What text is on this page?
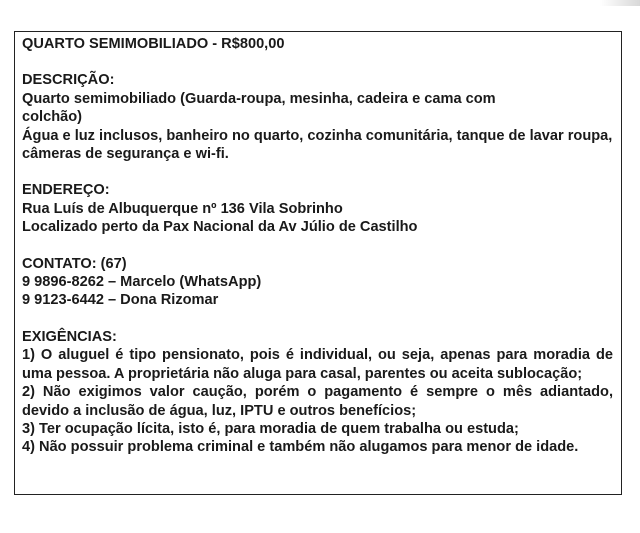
QUARTO SEMIMOBILIADO - R$800,00
DESCRIÇÃO:
Quarto semimobiliado (Guarda-roupa, mesinha, cadeira e cama com colchão)
Água e luz inclusos, banheiro no quarto, cozinha comunitária, tanque de lavar roupa, câmeras de segurança e wi-fi.
ENDEREÇO:
Rua Luís de Albuquerque nº 136 Vila Sobrinho
Localizado perto da Pax Nacional da Av Júlio de Castilho
CONTATO: (67)
9 9896-8262 – Marcelo (WhatsApp)
9 9123-6442 – Dona Rizomar
EXIGÊNCIAS:
1) O aluguel é tipo pensionato, pois é individual, ou seja, apenas para moradia de uma pessoa. A proprietária não aluga para casal, parentes ou aceita sublocação;
2) Não exigimos valor caução, porém o pagamento é sempre o mês adiantado, devido a inclusão de água, luz, IPTU e outros benefícios;
3) Ter ocupação lícita, isto é, para moradia de quem trabalha ou estuda;
4) Não possuir problema criminal e também não alugamos para menor de idade.
